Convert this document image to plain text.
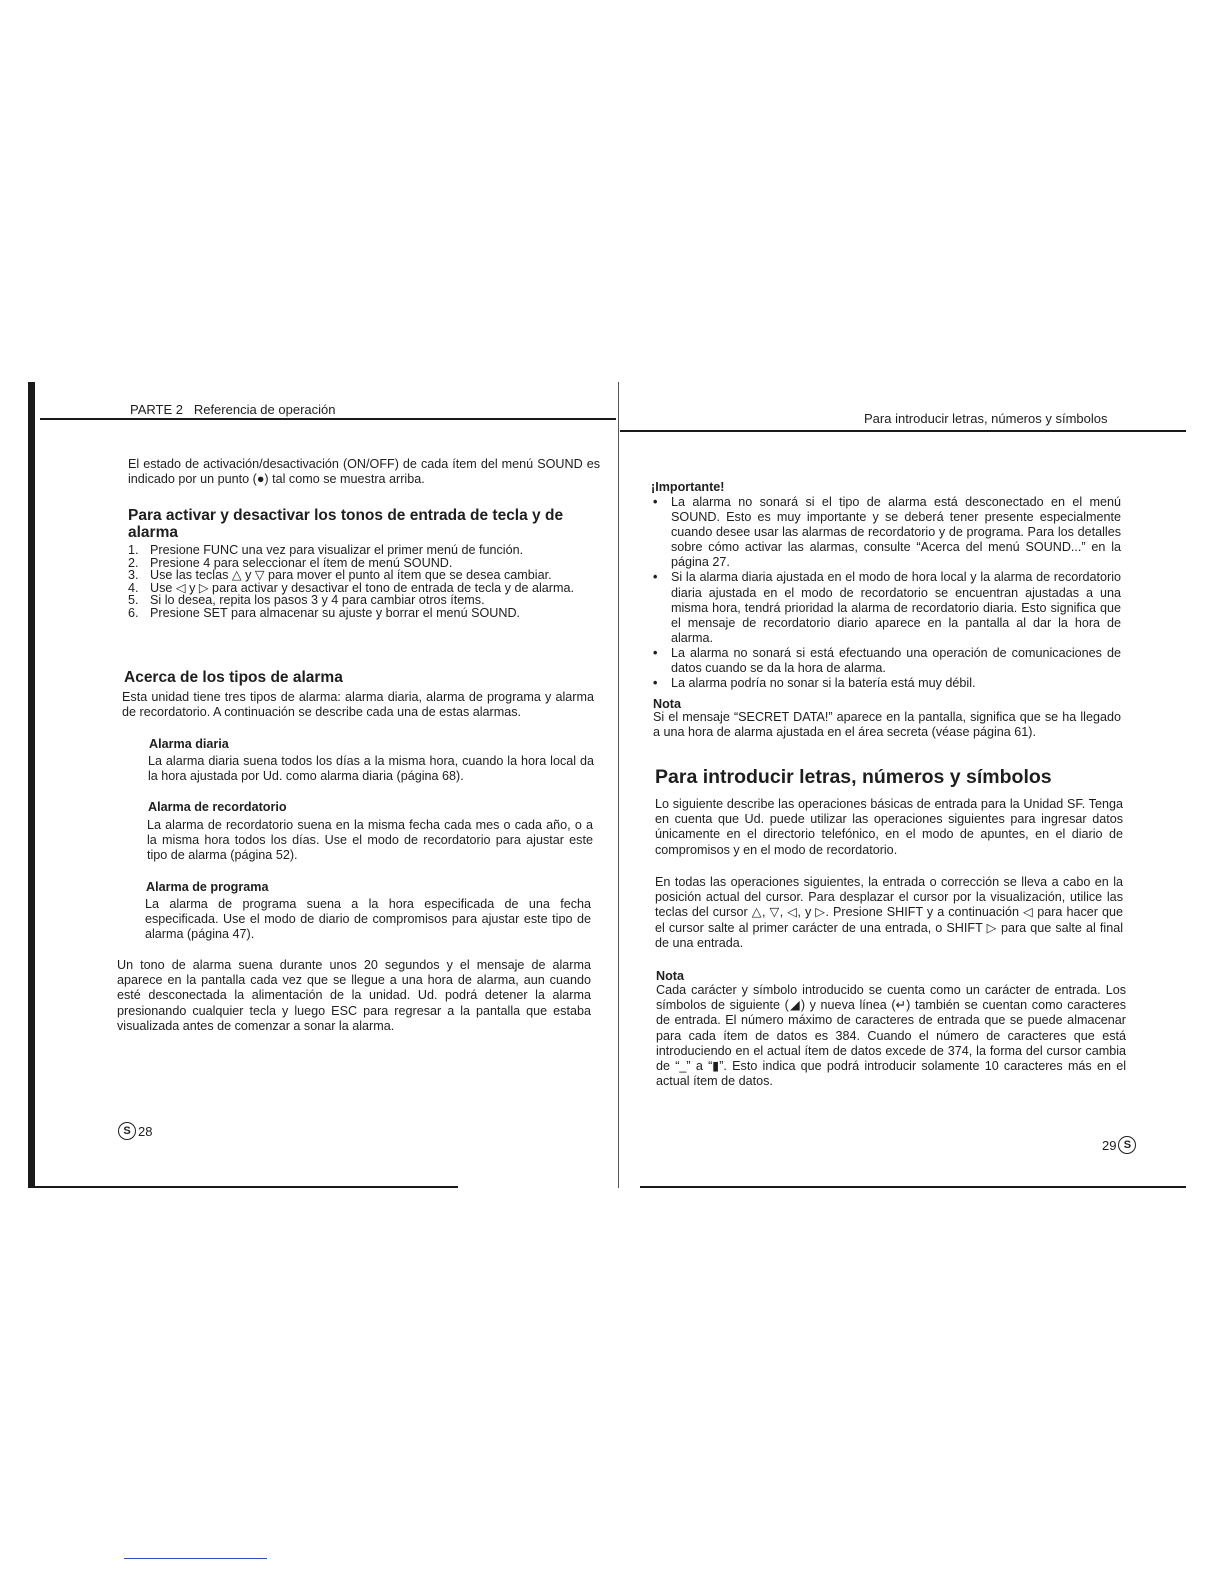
PARTE 2 Referencia de operación
El estado de activación/desactivación (ON/OFF) de cada ítem del menú SOUND es indicado por un punto (●) tal como se muestra arriba.
Para activar y desactivar los tonos de entrada de tecla y de alarma
1. Presione FUNC una vez para visualizar el primer menú de función.
2. Presione 4 para seleccionar el ítem de menú SOUND.
3. Use las teclas △ y ▽ para mover el punto al ítem que se desea cambiar.
4. Use ◁ y ▷ para activar y desactivar el tono de entrada de tecla y de alarma.
5. Si lo desea, repita los pasos 3 y 4 para cambiar otros ítems.
6. Presione SET para almacenar su ajuste y borrar el menú SOUND.
Acerca de los tipos de alarma
Esta unidad tiene tres tipos de alarma: alarma diaria, alarma de programa y alarma de recordatorio. A continuación se describe cada una de estas alarmas.
Alarma diaria
La alarma diaria suena todos los días a la misma hora, cuando la hora local da la hora ajustada por Ud. como alarma diaria (página 68).
Alarma de recordatorio
La alarma de recordatorio suena en la misma fecha cada mes o cada año, o a la misma hora todos los días. Use el modo de recordatorio para ajustar este tipo de alarma (página 52).
Alarma de programa
La alarma de programa suena a la hora especificada de una fecha especificada. Use el modo de diario de compromisos para ajustar este tipo de alarma (página 47).
Un tono de alarma suena durante unos 20 segundos y el mensaje de alarma aparece en la pantalla cada vez que se llegue a una hora de alarma, aun cuando esté desconectada la alimentación de la unidad. Ud. podrá detener la alarma presionando cualquier tecla y luego ESC para regresar a la pantalla que estaba visualizada antes de comenzar a sonar la alarma.
S 28
Para introducir letras, números y símbolos
¡Importante!
• La alarma no sonará si el tipo de alarma está desconectado en el menú SOUND. Esto es muy importante y se deberá tener presente especialmente cuando desee usar las alarmas de recordatorio y de programa. Para los detalles sobre cómo activar las alarmas, consulte “Acerca del menú SOUND...” en la página 27.
• Si la alarma diaria ajustada en el modo de hora local y la alarma de recordatorio diaria ajustada en el modo de recordatorio se encuentran ajustadas a una misma hora, tendrá prioridad la alarma de recordatorio diaria. Esto significa que el mensaje de recordatorio diario aparece en la pantalla al dar la hora de alarma.
• La alarma no sonará si está efectuando una operación de comunicaciones de datos cuando se da la hora de alarma.
• La alarma podría no sonar si la batería está muy débil.
Nota
Si el mensaje “SECRET DATA!” aparece en la pantalla, significa que se ha llegado a una hora de alarma ajustada en el área secreta (véase página 61).
Para introducir letras, números y símbolos
Lo siguiente describe las operaciones básicas de entrada para la Unidad SF. Tenga en cuenta que Ud. puede utilizar las operaciones siguientes para ingresar datos únicamente en el directorio telefónico, en el modo de apuntes, en el diario de compromisos y en el modo de recordatorio.
En todas las operaciones siguientes, la entrada o corrección se lleva a cabo en la posición actual del cursor. Para desplazar el cursor por la visualización, utilice las teclas del cursor △, ▽, ◁, y ▷. Presione SHIFT y a continuación ◁ para hacer que el cursor salte al primer carácter de una entrada, o SHIFT ▷ para que salte al final de una entrada.
Nota
Cada carácter y símbolo introducido se cuenta como un carácter de entrada. Los símbolos de siguiente (◢) y nueva línea (↵) también se cuentan como caracteres de entrada. El número máximo de caracteres de entrada que se puede almacenar para cada ítem de datos es 384. Cuando el número de caracteres que está introduciendo en el actual ítem de datos excede de 374, la forma del cursor cambia de “_” a “▮”. Esto indica que podrá introducir solamente 10 caracteres más en el actual ítem de datos.
29 S
